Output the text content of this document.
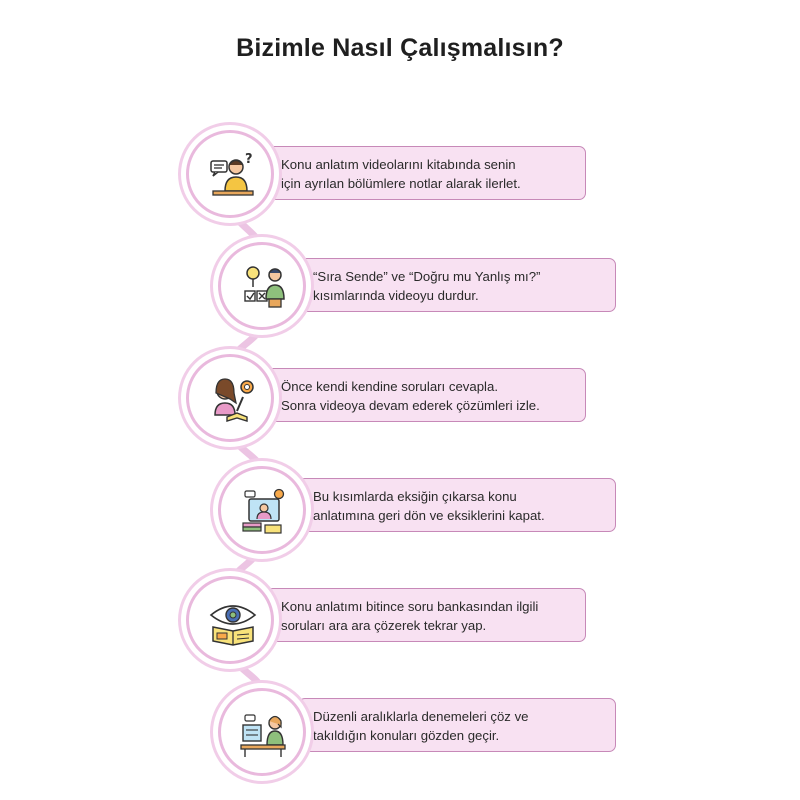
Bizimle Nasıl Çalışmalısın?
? Konu anlatım videolarını kitabında senin
için ayrılan bölümlere notlar alarak ilerlet.
“Sıra Sende” ve “Doğru mu Yanlış mı?”
kısımlarında videoyu durdur.
Önce kendi kendine soruları cevapla.
Sonra videoya devam ederek çözümleri izle.
Bu kısımlarda eksiğin çıkarsa konu
anlatımına geri dön ve eksiklerini kapat.
Konu anlatımı bitince soru bankasından ilgili
soruları ara ara çözerek tekrar yap.
Düzenli aralıklarla denemeleri çöz ve
takıldığın konuları gözden geçir.
